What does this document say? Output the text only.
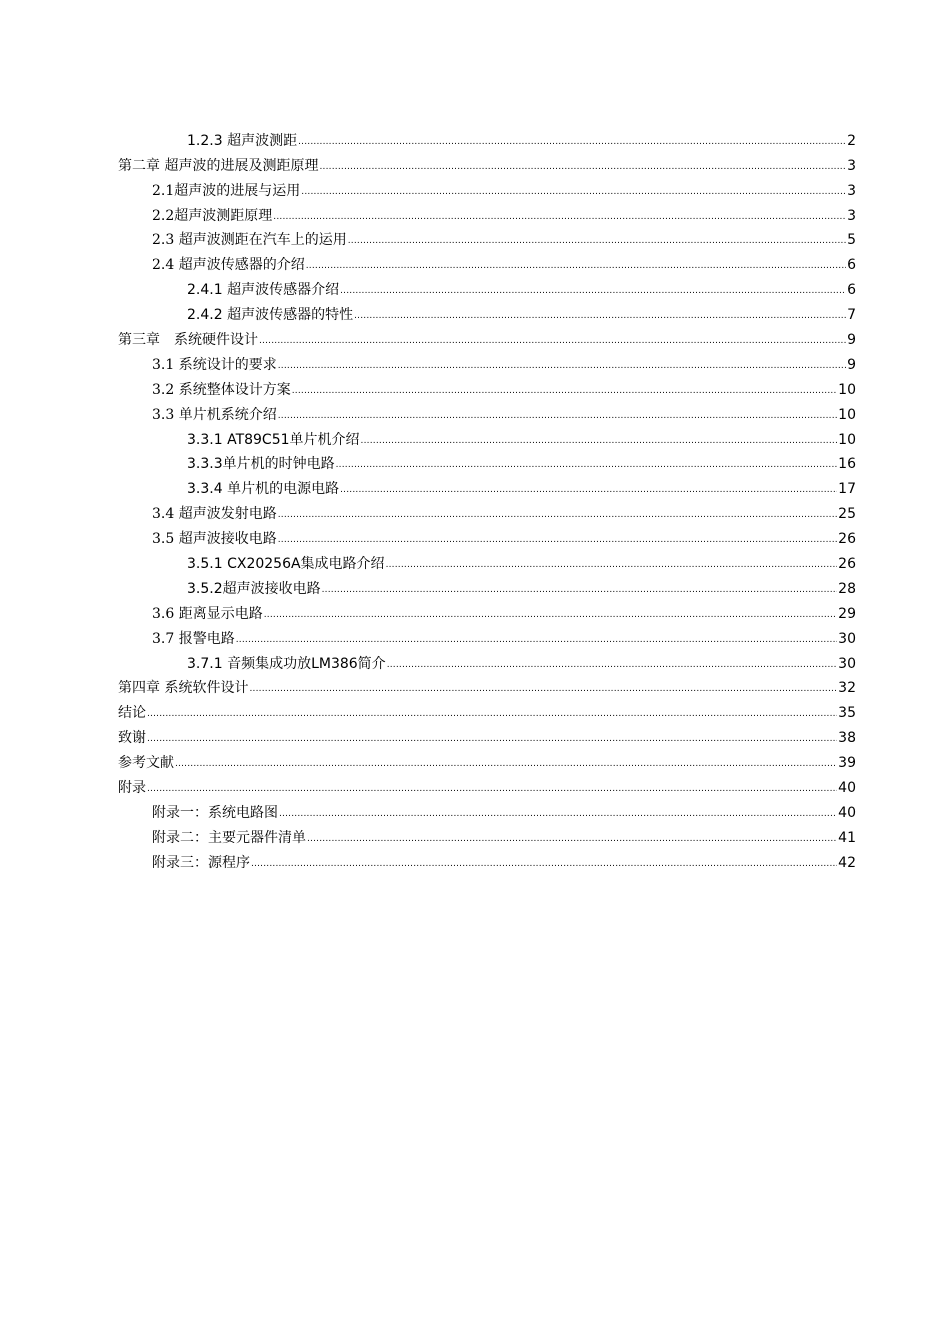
1.2.3 超声波测距 .....	2
第二章 超声波的进展及测距原理 .....	3
2.1超声波的进展与运用 .....	3
2.2超声波测距原理 .....	3
2.3 超声波测距在汽车上的运用 .....	5
2.4 超声波传感器的介绍 .....	6
2.4.1 超声波传感器介绍 .....	6
2.4.2 超声波传感器的特性 .....	7
第三章　系统硬件设计 .....	9
3.1 系统设计的要求 .....	9
3.2 系统整体设计方案 .....	10
3.3 单片机系统介绍 .....	10
3.3.1 AT89C51单片机介绍 .....	10
3.3.3单片机的时钟电路 .....	16
3.3.4 单片机的电源电路 .....	17
3.4 超声波发射电路 .....	25
3.5 超声波接收电路 .....	26
3.5.1 CX20256A集成电路介绍 .....	26
3.5.2超声波接收电路 .....	28
3.6 距离显示电路 .....	29
3.7 报警电路 .....	30
3.7.1 音频集成功放LM386简介 .....	30
第四章 系统软件设计 .....	32
结论 .....	35
致谢 .....	38
参考文献 .....	39
附录 .....	40
附录一：系统电路图 .....	40
附录二：主要元器件清单 .....	41
附录三：源程序 .....	42
